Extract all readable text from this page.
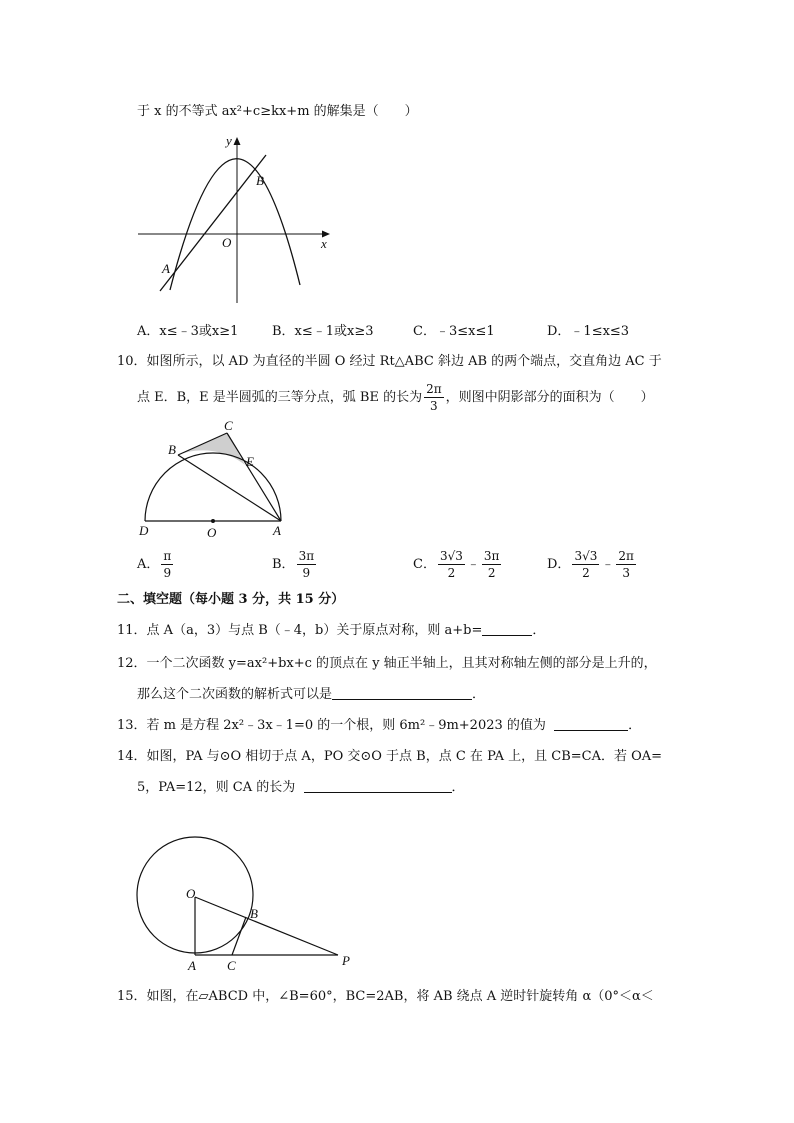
于 x 的不等式 ax²+c≥kx+m 的解集是（　　）
y
x
O
A
B
A．x≤﹣3或x≥1	B．x≤﹣1或x≥3	C．﹣3≤x≤1	D．﹣1≤x≤3
10．如图所示，以 AD 为直径的半圆 O 经过 Rt△ABC 斜边 AB 的两个端点，交直角边 AC 于
点 E．B，E 是半圆弧的三等分点，弧 BE 的长为 $\frac{2\pi}{3}$ ，则图中阴影部分的面积为（　　）
C
B
E
D	O	A
A． $\frac{\pi}{9}$	B． $\frac{3\pi}{9}$	C． $\frac{3√3}{2}$ ﹣ $\frac{3\pi}{2}$	D． $\frac{3√3}{2}$ ﹣ $\frac{2\pi}{3}$
二、填空题（每小题 3 分，共 15 分）
11．点 A（a，3）与点 B（﹣4，b）关于原点对称，则 a+b=	．
12．一个二次函数 y=ax²+bx+c 的顶点在 y 轴正半轴上，且其对称轴左侧的部分是上升的，
那么这个二次函数的解析式可以是	．
13．若 m 是方程 2x²﹣3x﹣1=0 的一个根，则 6m²﹣9m+2023 的值为	．
14．如图，PA 与⊙O 相切于点 A，PO 交⊙O 于点 B，点 C 在 PA 上，且 CB=CA．若 OA=
5，PA=12，则 CA 的长为	．
O
B
A C	P
15．如图，在▱ABCD 中，∠B=60°，BC=2AB，将 AB 绕点 A 逆时针旋转角 α（0°＜α＜
